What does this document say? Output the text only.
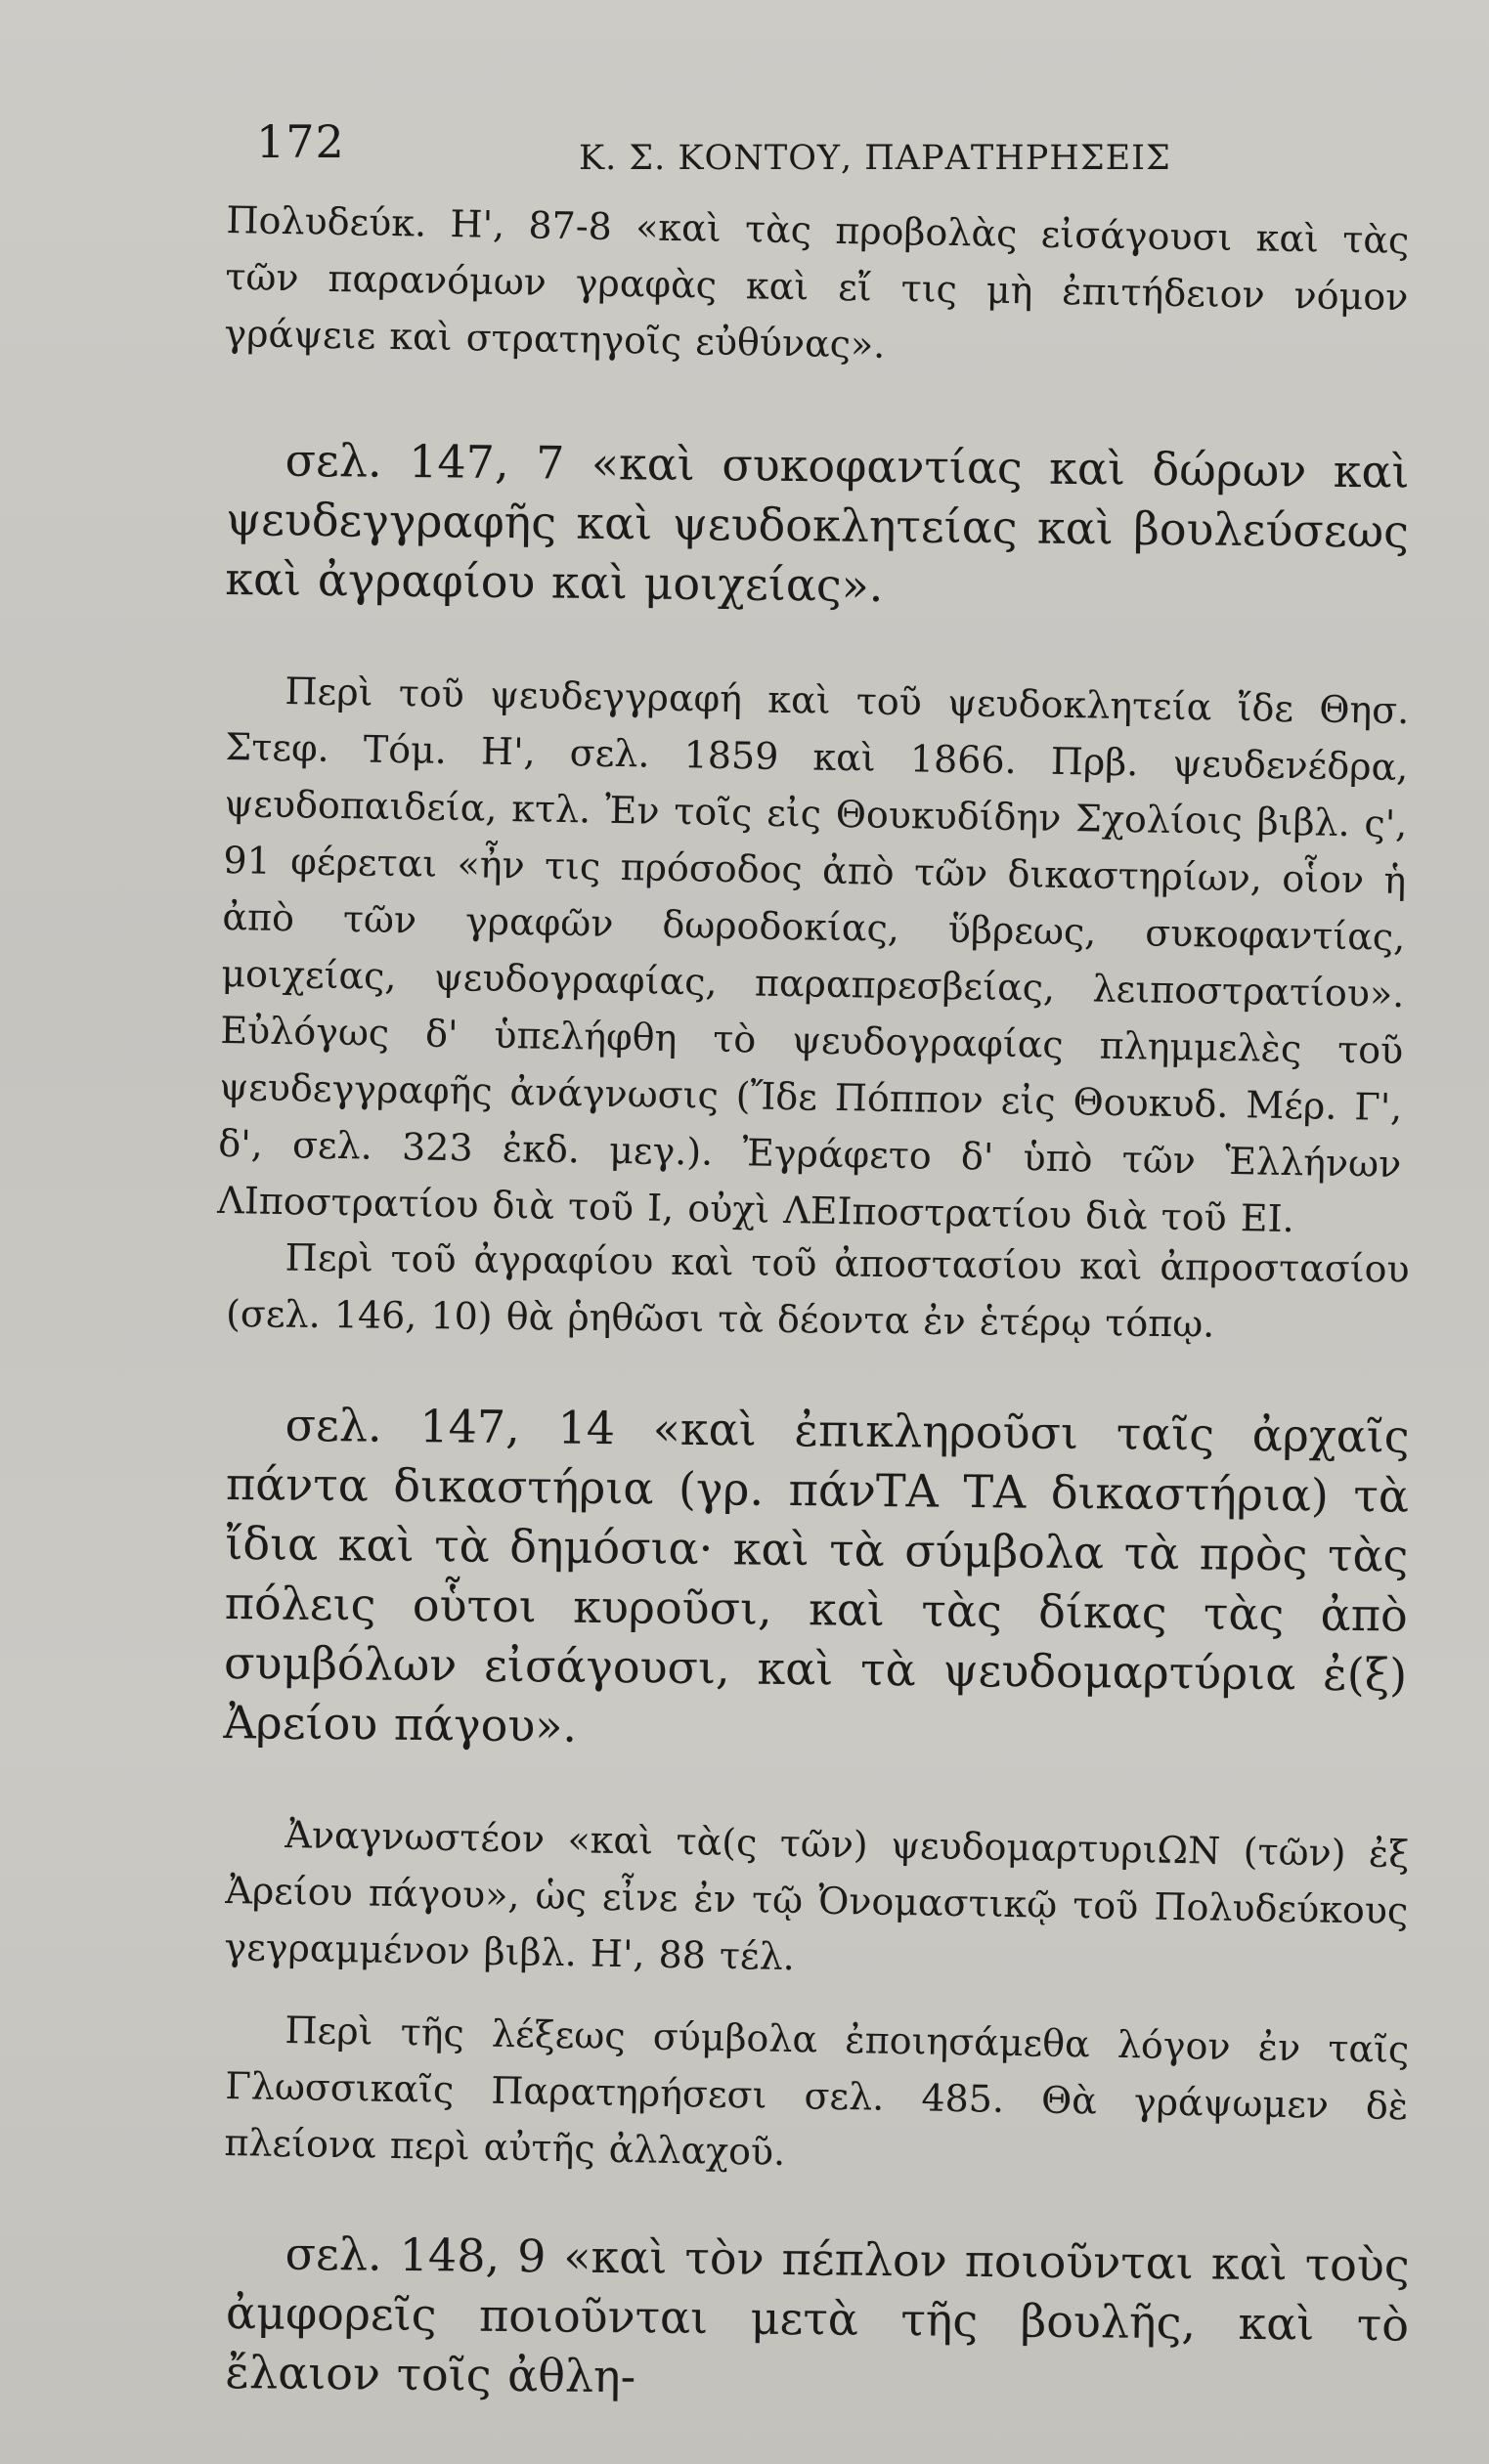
172	Κ. Σ. ΚΟΝΤΟΥ, ΠΑΡΑΤΗΡΗΣΕΙΣ

Πολυδεύκ. Η', 87-8 «καὶ τὰς προβολὰς εἰσάγουσι καὶ τὰς τῶν παρανόμων γραφὰς καὶ εἴ τις μὴ ἐπιτήδειον νόμον γράψειε καὶ στρατηγοῖς εὐθύνας».

σελ. 147, 7 «καὶ συκοφαντίας καὶ δώρων καὶ ψευδεγγραφῆς καὶ ψευδοκλητείας καὶ βουλεύσεως καὶ ἀγραφίου καὶ μοιχείας».

Περὶ τοῦ ψευδεγγραφή καὶ τοῦ ψευδοκλητεία ἴδε Θησ. Στεφ. Τόμ. Η', σελ. 1859 καὶ 1866. Πρβ. ψευδενέδρα, ψευδοπαιδεία, κτλ. Ἐν τοῖς εἰς Θουκυδίδην Σχολίοις βιβλ. ς', 91 φέρεται «ἦν τις πρόσοδος ἀπὸ τῶν δικαστηρίων, οἷον ἡ ἀπὸ τῶν γραφῶν δωροδοκίας, ὕβρεως, συκοφαντίας, μοιχείας, ψευδογραφίας, παραπρεσβείας, λειποστρατίου». Εὐλόγως δ' ὑπελήφθη τὸ ψευδογραφίας πλημμελὲς τοῦ ψευδεγγραφῆς ἀνάγνωσις (Ἴδε Πόππον εἰς Θουκυδ. Μέρ. Γ', δ', σελ. 323 ἐκδ. μεγ.). Ἐγράφετο δ' ὑπὸ τῶν Ἑλλήνων ΛΙποστρατίου διὰ τοῦ Ι, οὐχὶ ΛΕΙποστρατίου διὰ τοῦ ΕΙ.

Περὶ τοῦ ἀγραφίου καὶ τοῦ ἀποστασίου καὶ ἀπροστασίου (σελ. 146, 10) θὰ ῥηθῶσι τὰ δέοντα ἐν ἑτέρῳ τόπῳ.

σελ. 147, 14 «καὶ ἐπικληροῦσι ταῖς ἀρχαῖς πάντα δικαστήρια (γρ. πάνΤΑ ΤΑ δικαστήρια) τὰ ἴδια καὶ τὰ δημόσια· καὶ τὰ σύμβολα τὰ πρὸς τὰς πόλεις οὗτοι κυροῦσι, καὶ τὰς δίκας τὰς ἀπὸ συμβόλων εἰσάγουσι, καὶ τὰ ψευδομαρτύρια ἐ(ξ) Ἀρείου πάγου».

Ἀναγνωστέον «καὶ τὰ(ς τῶν) ψευδομαρτυριΩΝ (τῶν) ἐξ Ἀρείου πάγου», ὡς εἶνε ἐν τῷ Ὀνομαστικῷ τοῦ Πολυδεύκους γεγραμμένον βιβλ. Η', 88 τέλ.

Περὶ τῆς λέξεως σύμβολα ἐποιησάμεθα λόγον ἐν ταῖς Γλωσσικαῖς Παρατηρήσεσι σελ. 485. Θὰ γράψωμεν δὲ πλείονα περὶ αὐτῆς ἀλλαχοῦ.

σελ. 148, 9 «καὶ τὸν πέπλον ποιοῦνται καὶ τοὺς ἀμφορεῖς ποιοῦνται μετὰ τῆς βουλῆς, καὶ τὸ ἔλαιον τοῖς ἀθλη-
